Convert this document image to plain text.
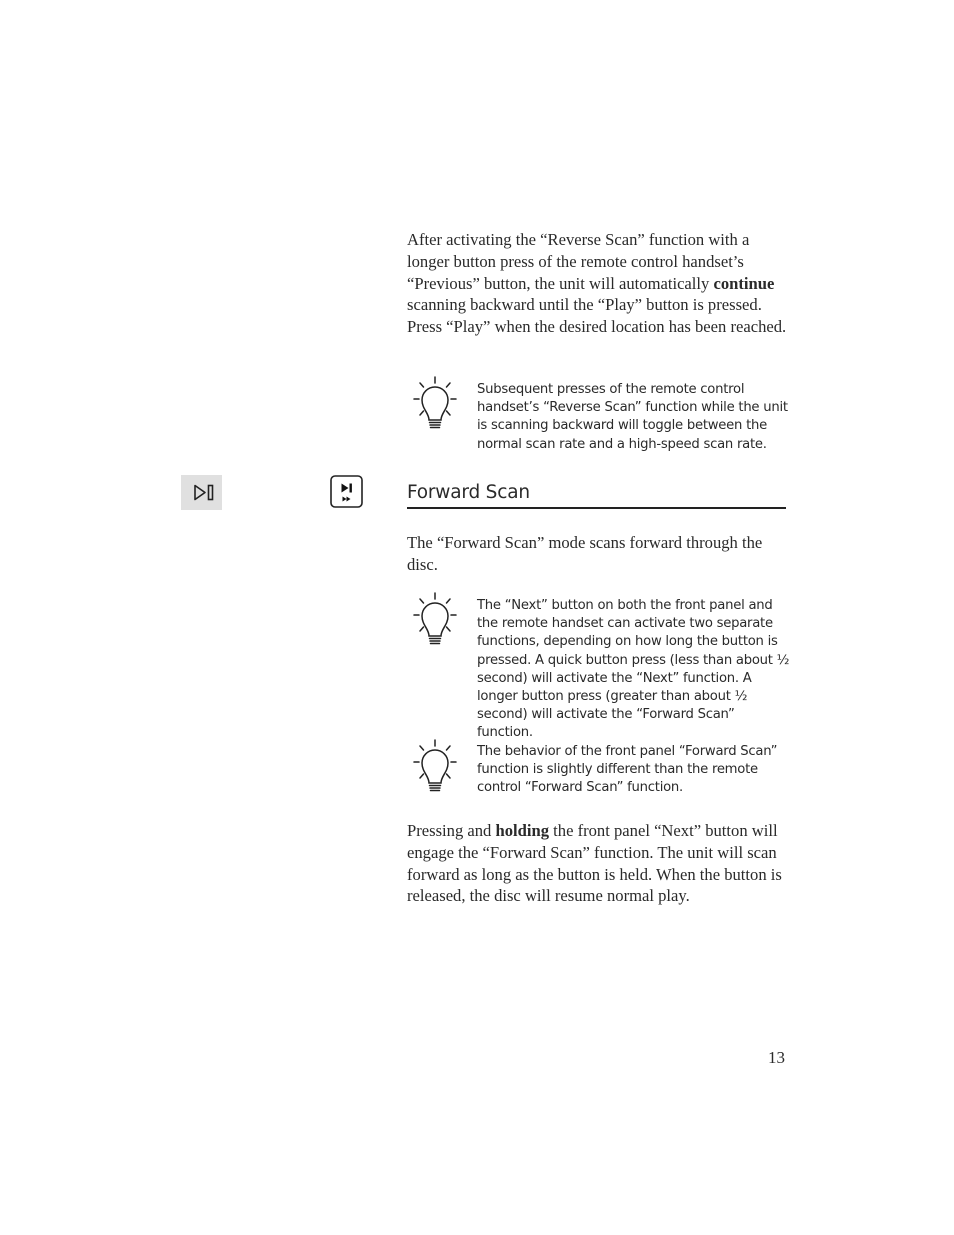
After activating the “Reverse Scan” function with a longer button press of the remote control handset’s “Previous” button, the unit will automatically continue scanning backward until the “Play” button is pressed. Press “Play” when the desired location has been reached.

Subsequent presses of the remote control handset’s “Reverse Scan” function while the unit is scanning backward will toggle between the normal scan rate and a high-speed scan rate.

Forward Scan

The “Forward Scan” mode scans forward through the disc.

The “Next” button on both the front panel and the remote handset can activate two separate functions, depending on how long the button is pressed. A quick button press (less than about ½ second) will activate the “Next” function. A longer button press (greater than about ½ second) will activate the “Forward Scan” function.

The behavior of the front panel “Forward Scan” function is slightly different than the remote control “Forward Scan” function.

Pressing and holding the front panel “Next” button will engage the “Forward Scan” function. The unit will scan forward as long as the button is held. When the button is released, the disc will resume normal play.

13
